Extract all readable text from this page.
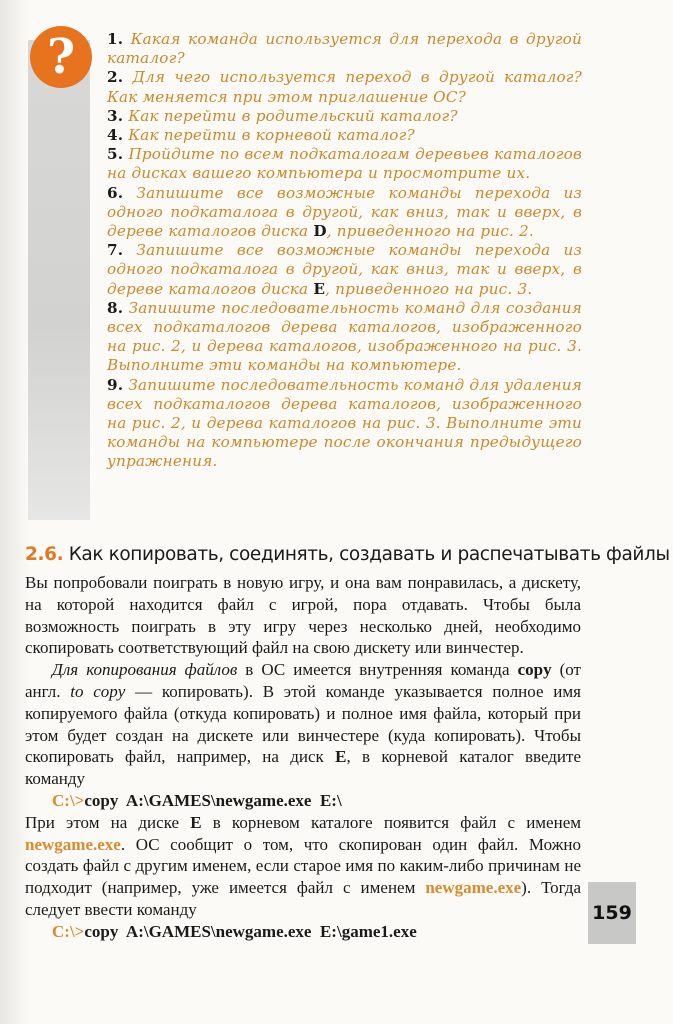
?	1. Какая команда используется для перехода в другой каталог?

2. Для чего используется переход в другой каталог? Как меняется при этом приглашение ОС?

3. Как перейти в родительский каталог?

4. Как перейти в корневой каталог?

5. Пройдите по всем подкаталогам деревьев каталогов на дисках вашего компьютера и просмотрите их.

6. Запишите все возможные команды перехода из одного подкаталога в другой, как вниз, так и вверх, в дереве каталогов диска D, приведенного на рис. 2.

7. Запишите все возможные команды перехода из одного подкаталога в другой, как вниз, так и вверх, в дереве каталогов диска E, приведенного на рис. 3.

8. Запишите последовательность команд для создания всех подкаталогов дерева каталогов, изображенного на рис. 2, и дерева каталогов, изображенного на рис. 3. Выполните эти команды на компьютере.

9. Запишите последовательность команд для удаления всех подкаталогов дерева каталогов, изображенного на рис. 2, и дерева каталогов на рис. 3. Выполните эти команды на компьютере после окончания предыдущего упражнения.

2.6. Как копировать, соединять, создавать и распечатывать файлы

Вы попробовали поиграть в новую игру, и она вам понравилась, а дискету, на которой находится файл с игрой, пора отдавать. Чтобы была возможность поиграть в эту игру через несколько дней, необходимо скопировать соответствующий файл на свою дискету или винчестер.

Для копирования файлов в ОС имеется внутренняя команда copy (от англ. to copy — копировать). В этой команде указывается полное имя копируемого файла (откуда копировать) и полное имя файла, который при этом будет создан на дискете или винчестере (куда копировать). Чтобы скопировать файл, например, на диск E, в корневой каталог введите команду

C:\>copy  A:\GAMES\newgame.exe  E:\

При этом на диске E в корневом каталоге появится файл с именем newgame.exe. ОС сообщит о том, что скопирован один файл. Можно создать файл с другим именем, если старое имя по каким-либо причинам не подходит (например, уже имеется файл с именем newgame.exe). Тогда следует ввести команду

C:\>copy  A:\GAMES\newgame.exe  E:\game1.exe

159
